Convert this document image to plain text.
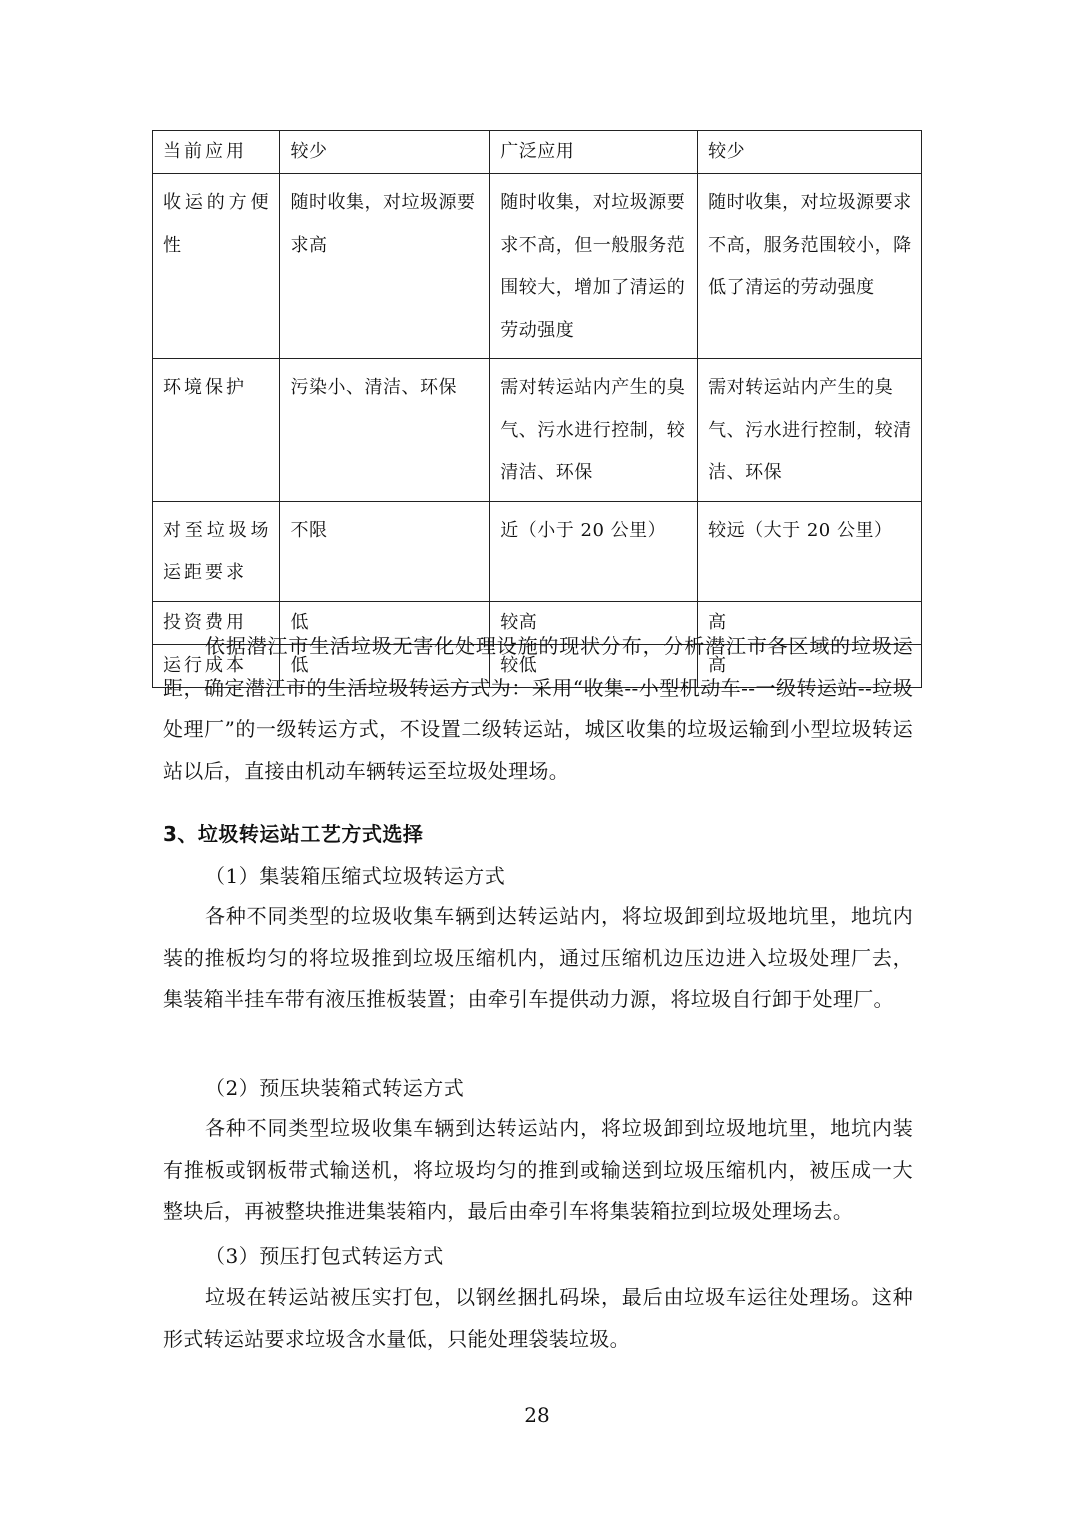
当前应用	较少	广泛应用	较少
收运的方便性	随时收集，对垃圾源要求高	随时收集，对垃圾源要求不高，但一般服务范围较大，增加了清运的劳动强度	随时收集，对垃圾源要求不高，服务范围较小，降低了清运的劳动强度
环境保护	污染小、清洁、环保	需对转运站内产生的臭气、污水进行控制，较清洁、环保	需对转运站内产生的臭气、污水进行控制，较清洁、环保
对至垃圾场运距要求	不限	近（小于 20 公里）	较远（大于 20 公里）
投资费用	低	较高	高
运行成本	低	较低	高

依据潜江市生活垃圾无害化处理设施的现状分布，分析潜江市各区域的垃圾运距，确定潜江市的生活垃圾转运方式为：采用“收集--小型机动车--一级转运站--垃圾处理厂”的一级转运方式，不设置二级转运站，城区收集的垃圾运输到小型垃圾转运站以后，直接由机动车辆转运至垃圾处理场。

3、垃圾转运站工艺方式选择
（1）集装箱压缩式垃圾转运方式

各种不同类型的垃圾收集车辆到达转运站内，将垃圾卸到垃圾地坑里，地坑内装的推板均匀的将垃圾推到垃圾压缩机内，通过压缩机边压边进入垃圾处理厂去，集装箱半挂车带有液压推板装置；由牵引车提供动力源，将垃圾自行卸于处理厂。

（2）预压块装箱式转运方式

各种不同类型垃圾收集车辆到达转运站内，将垃圾卸到垃圾地坑里，地坑内装有推板或钢板带式输送机，将垃圾均匀的推到或输送到垃圾压缩机内，被压成一大整块后，再被整块推进集装箱内，最后由牵引车将集装箱拉到垃圾处理场去。

（3）预压打包式转运方式

垃圾在转运站被压实打包，以钢丝捆扎码垛，最后由垃圾车运往处理场。这种形式转运站要求垃圾含水量低，只能处理袋装垃圾。

28
